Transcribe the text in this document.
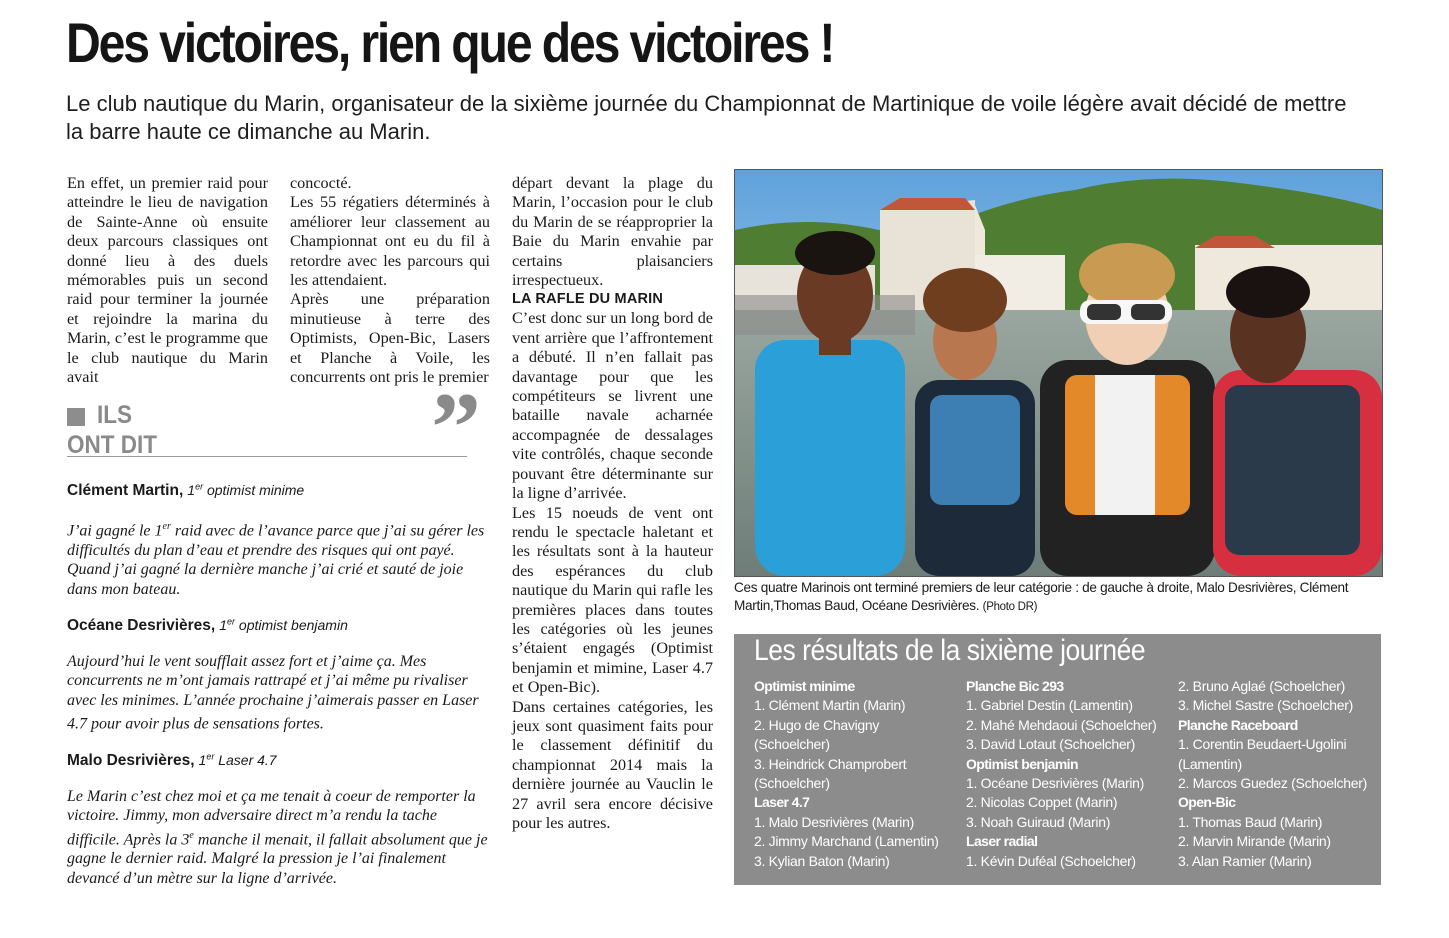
Des victoires, rien que des victoires !
Le club nautique du Marin, organisateur de la sixième journée du Championnat de Martinique de voile légère avait décidé de mettre la barre haute ce dimanche au Marin.

En effet, un premier raid pour atteindre le lieu de navigation de Sainte-Anne où ensuite deux parcours classiques ont donné lieu à des duels mémorables puis un second raid pour terminer la journée et rejoindre la marina du Marin, c’est le programme que le club nautique du Marin avait

concocté.

Les 55 régatiers déterminés à améliorer leur classement au Championnat ont eu du fil à retordre avec les parcours qui les attendaient.

Après une préparation minutieuse à terre des Optimists, Open-Bic, Lasers et Planche à Voile, les concurrents ont pris le premier

départ devant la plage du Marin, l’occasion pour le club du Marin de se réapproprier la Baie du Marin envahie par certains plaisanciers irrespectueux.

LA RAFLE DU MARIN

C’est donc sur un long bord de vent arrière que l’affrontement a débuté. Il n’en fallait pas davantage pour que les compétiteurs se livrent une bataille navale acharnée accompagnée de dessalages vite contrôlés, chaque seconde pouvant être déterminante sur la ligne d’arrivée.

Les 15 noeuds de vent ont rendu le spectacle haletant et les résultats sont à la hauteur des espérances du club nautique du Marin qui rafle les premières places dans toutes les catégories où les jeunes s’étaient engagés (Optimist benjamin et mimine, Laser 4.7 et Open-Bic).

Dans certaines catégories, les jeux sont quasiment faits pour le classement définitif du championnat 2014 mais la dernière journée au Vauclin le 27 avril sera encore décisive pour les autres.

ILS
ONT DIT	”
Clément Martin, 1er optimist minime
J’ai gagné le 1er raid avec de l’avance parce que j’ai su gérer les difficultés du plan d’eau et prendre des risques qui ont payé. Quand j’ai gagné la dernière manche j’ai crié et sauté de joie dans mon bateau.
Océane Desrivières, 1er optimist benjamin
Aujourd’hui le vent soufflait assez fort et j’aime ça. Mes concurrents ne m’ont jamais rattrapé et j’ai même pu rivaliser avec les minimes. L’année prochaine j’aimerais passer en Laser 4.7 pour avoir plus de sensations fortes.
Malo Desrivières, 1er Laser 4.7
Le Marin c’est chez moi et ça me tenait à coeur de remporter la victoire. Jimmy, mon adversaire direct m’a rendu la tache difficile. Après la 3e manche il menait, il fallait absolument que je gagne le dernier raid. Malgré la pression je l’ai finalement devancé d’un mètre sur la ligne d’arrivée.
Ces quatre Marinois ont terminé premiers de leur catégorie : de gauche à droite, Malo Desrivières, Clément Martin,Thomas Baud, Océane Desrivières. (Photo DR)
Les résultats de la sixième journée
Optimist minime
1. Clément Martin (Marin)
2. Hugo de Chavigny (Schoelcher)
3. Heindrick Champrobert (Schoelcher)
Laser 4.7
1. Malo Desrivières (Marin)
2. Jimmy Marchand (Lamentin)
3. Kylian Baton (Marin)
Planche Bic 293
1. Gabriel Destin (Lamentin)
2. Mahé Mehdaoui (Schoelcher)
3. David Lotaut (Schoelcher)
Optimist benjamin
1. Océane Desrivières (Marin)
2. Nicolas Coppet (Marin)
3. Noah Guiraud (Marin)
Laser radial
1. Kévin Duféal (Schoelcher)
2. Bruno Aglaé (Schoelcher)
3. Michel Sastre (Schoelcher)
Planche Raceboard
1. Corentin Beudaert-Ugolini (Lamentin)
2. Marcos Guedez (Schoelcher)
Open-Bic
1. Thomas Baud (Marin)
2. Marvin Mirande (Marin)
3. Alan Ramier (Marin)
